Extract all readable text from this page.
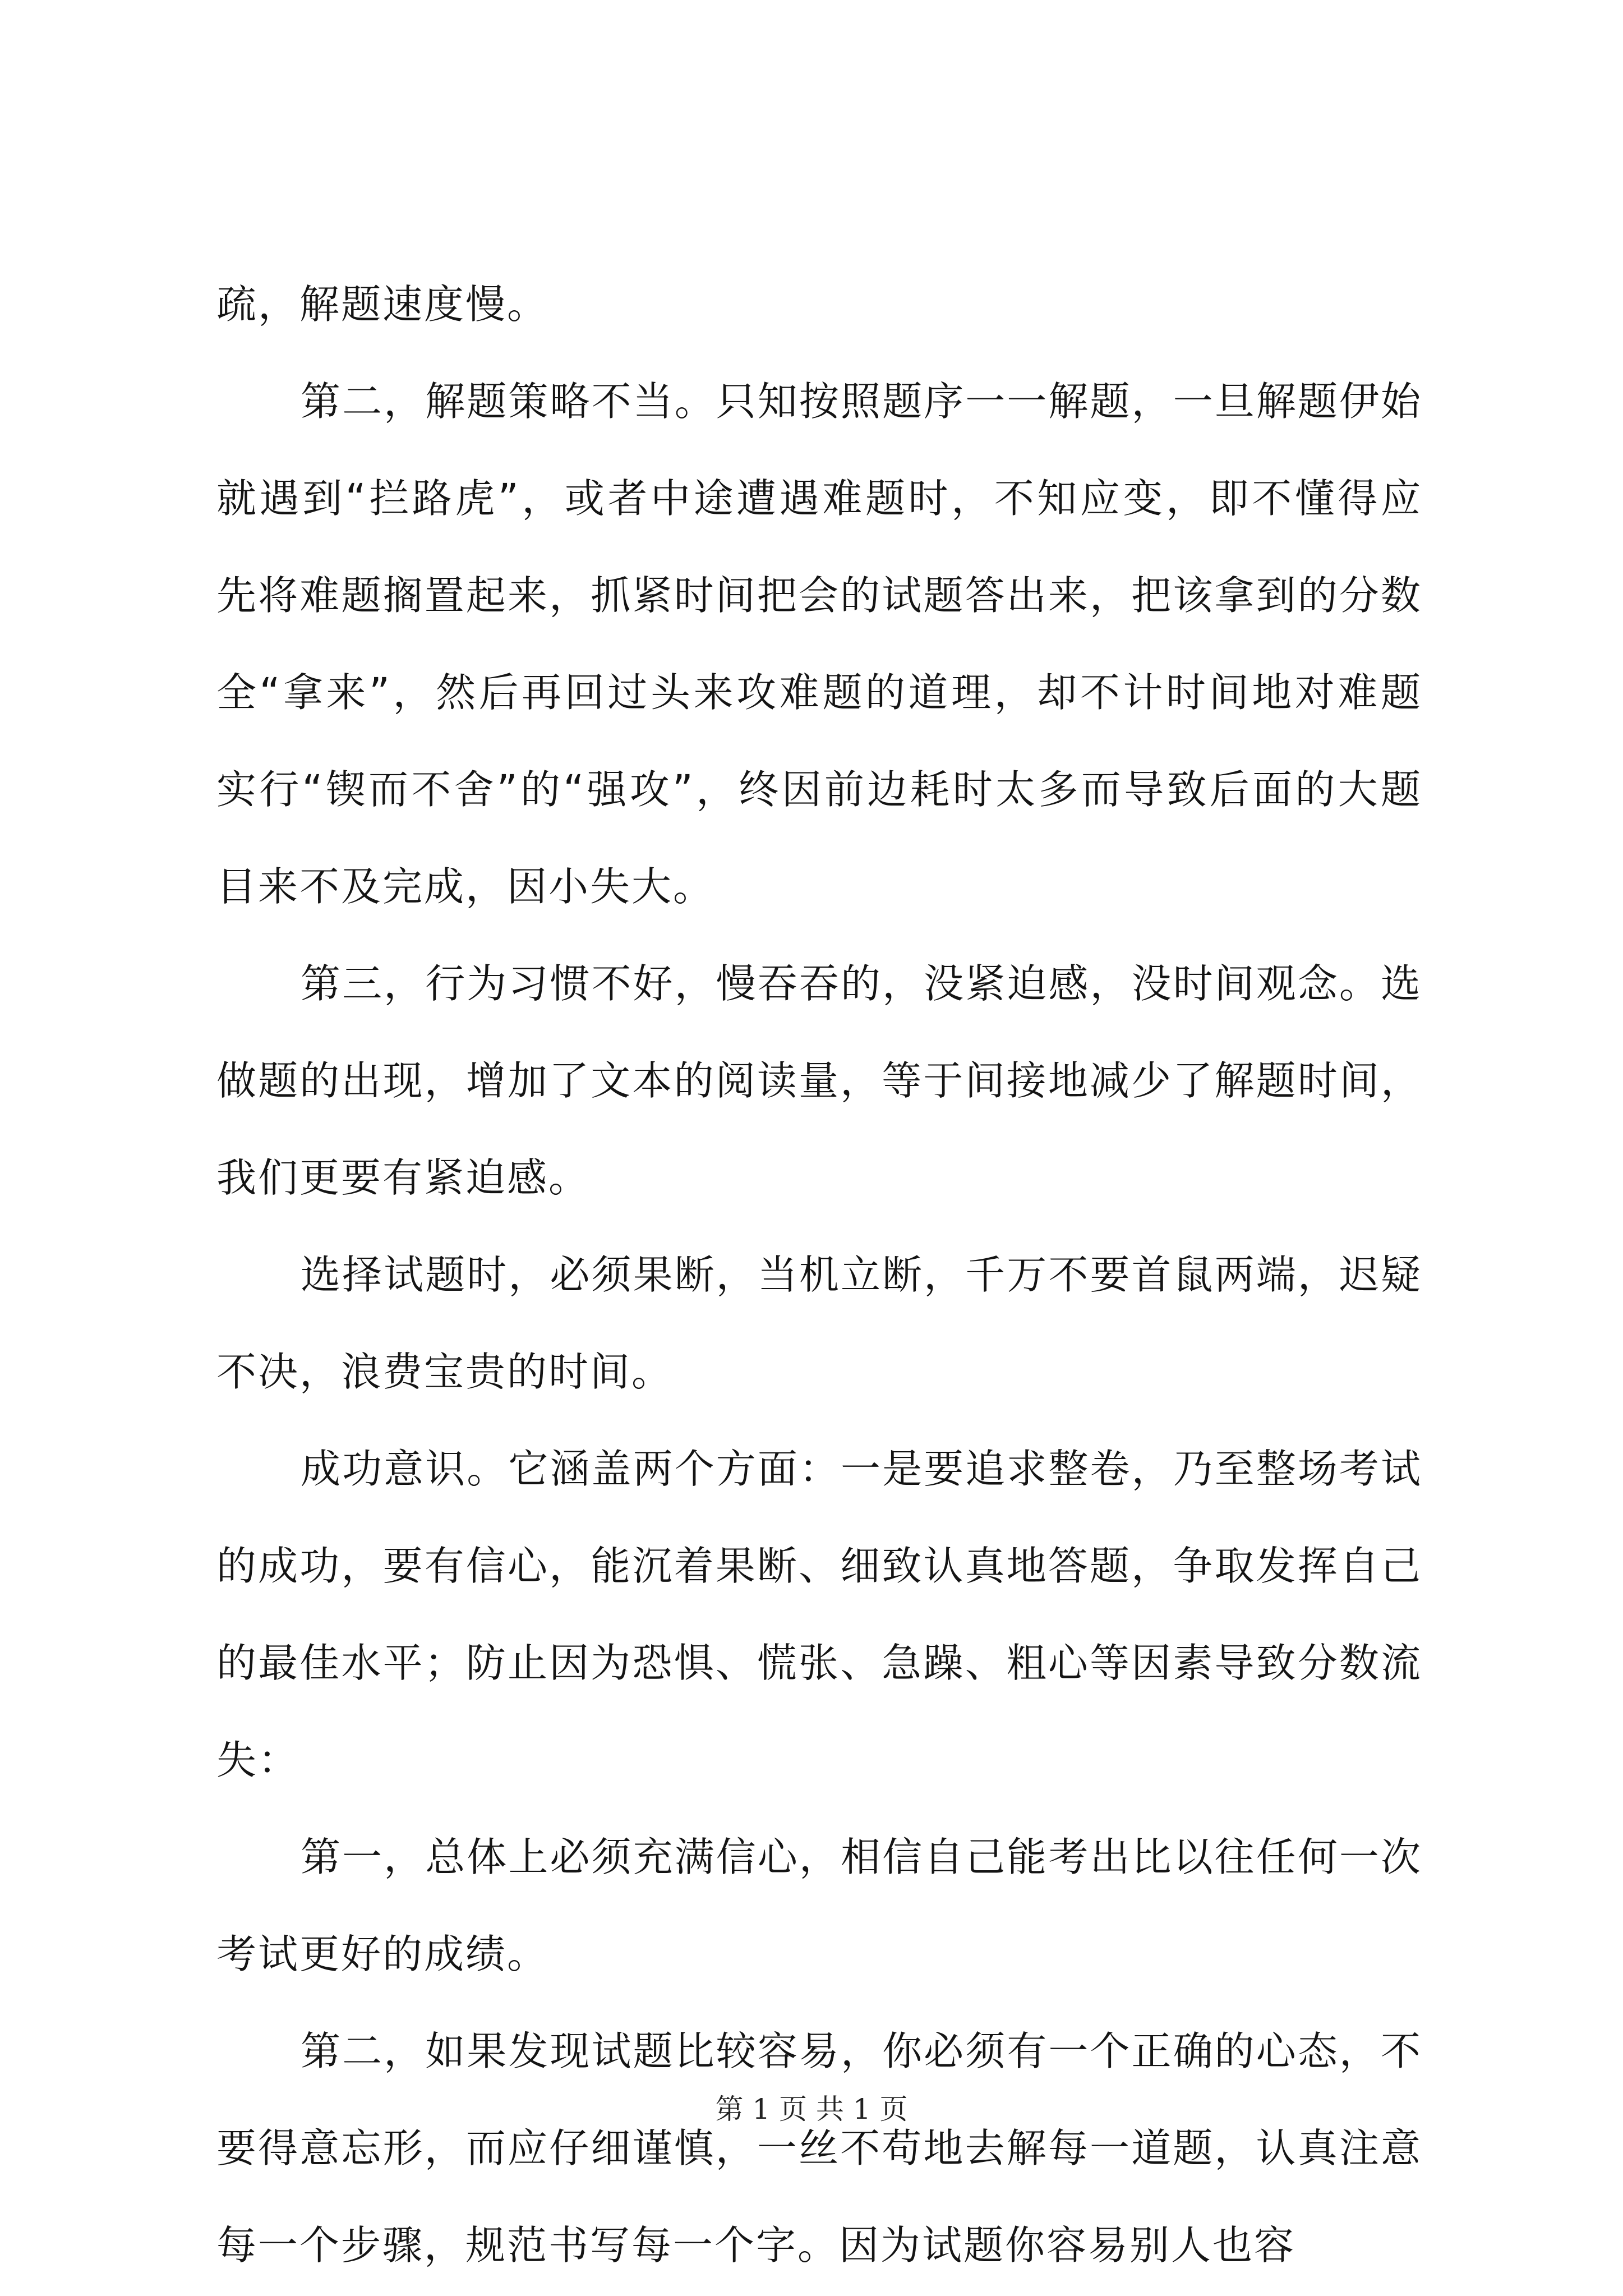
疏，解题速度慢。

第二，解题策略不当。只知按照题序一一解题，一旦解题伊始就遇到“拦路虎”，或者中途遭遇难题时，不知应变，即不懂得应先将难题搁置起来，抓紧时间把会的试题答出来，把该拿到的分数全“拿来”，然后再回过头来攻难题的道理，却不计时间地对难题实行“锲而不舍”的“强攻”，终因前边耗时太多而导致后面的大题目来不及完成，因小失大。

第三，行为习惯不好，慢吞吞的，没紧迫感，没时间观念。选做题的出现，增加了文本的阅读量，等于间接地减少了解题时间，我们更要有紧迫感。

选择试题时，必须果断，当机立断，千万不要首鼠两端，迟疑不决，浪费宝贵的时间。

成功意识。它涵盖两个方面：一是要追求整卷，乃至整场考试的成功，要有信心，能沉着果断、细致认真地答题，争取发挥自己的最佳水平；防止因为恐惧、慌张、急躁、粗心等因素导致分数流失：

第一，总体上必须充满信心，相信自己能考出比以往任何一次考试更好的成绩。

第二，如果发现试题比较容易，你必须有一个正确的心态，不要得意忘形，而应仔细谨慎，一丝不苟地去解每一道题，认真注意每一个步骤，规范书写每一个字。因为试题你容易别人也容

第 1 页 共 1 页
